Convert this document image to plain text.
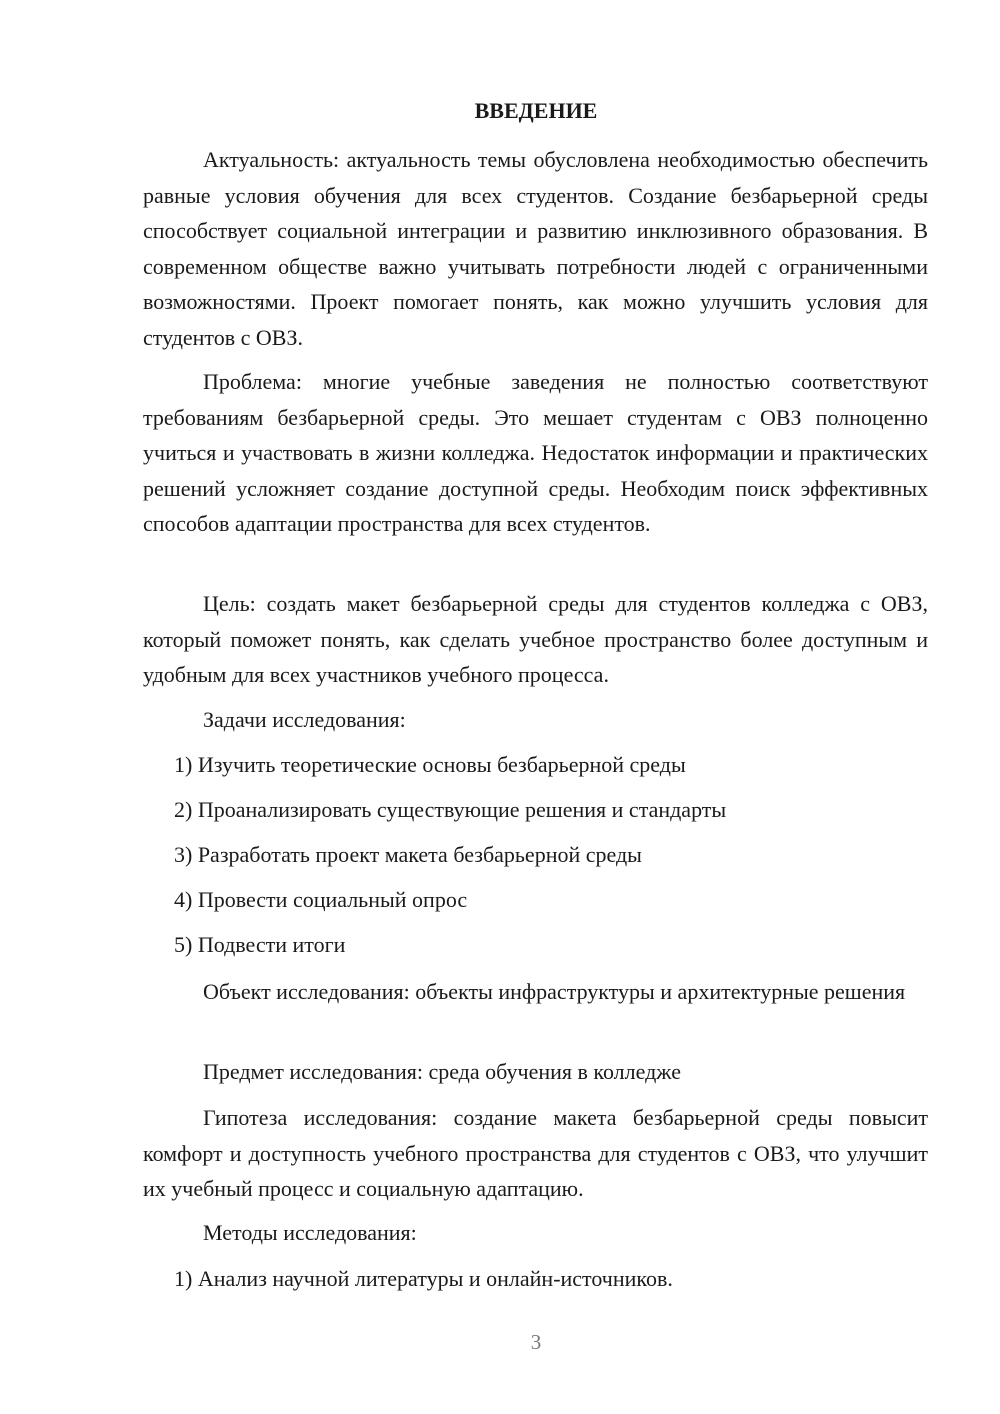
ВВЕДЕНИЕ

Актуальность: актуальность темы обусловлена необходимостью обеспечить равные условия обучения для всех студентов. Создание безбарьерной среды способствует социальной интеграции и развитию инклюзивного образования. В современном обществе важно учитывать потребности людей с ограниченными возможностями. Проект помогает понять, как можно улучшить условия для студентов с ОВЗ.

Проблема: многие учебные заведения не полностью соответствуют требованиям безбарьерной среды. Это мешает студентам с ОВЗ полноценно учиться и участвовать в жизни колледжа. Недостаток информации и практических решений усложняет создание доступной среды. Необходим поиск эффективных способов адаптации пространства для всех студентов.

Цель: создать макет безбарьерной среды для студентов колледжа с ОВЗ, который поможет понять, как сделать учебное пространство более доступным и удобным для всех участников учебного процесса.

Задачи исследования:

1) Изучить теоретические основы безбарьерной среды

2) Проанализировать существующие решения и стандарты

3) Разработать проект макета безбарьерной среды

4) Провести социальный опрос

5) Подвести итоги

Объект исследования: объекты инфраструктуры и архитектурные решения

Предмет исследования: среда обучения в колледже

Гипотеза исследования: создание макета безбарьерной среды повысит комфорт и доступность учебного пространства для студентов с ОВЗ, что улучшит их учебный процесс и социальную адаптацию.

Методы исследования:

1) Анализ научной литературы и онлайн-источников.

3
